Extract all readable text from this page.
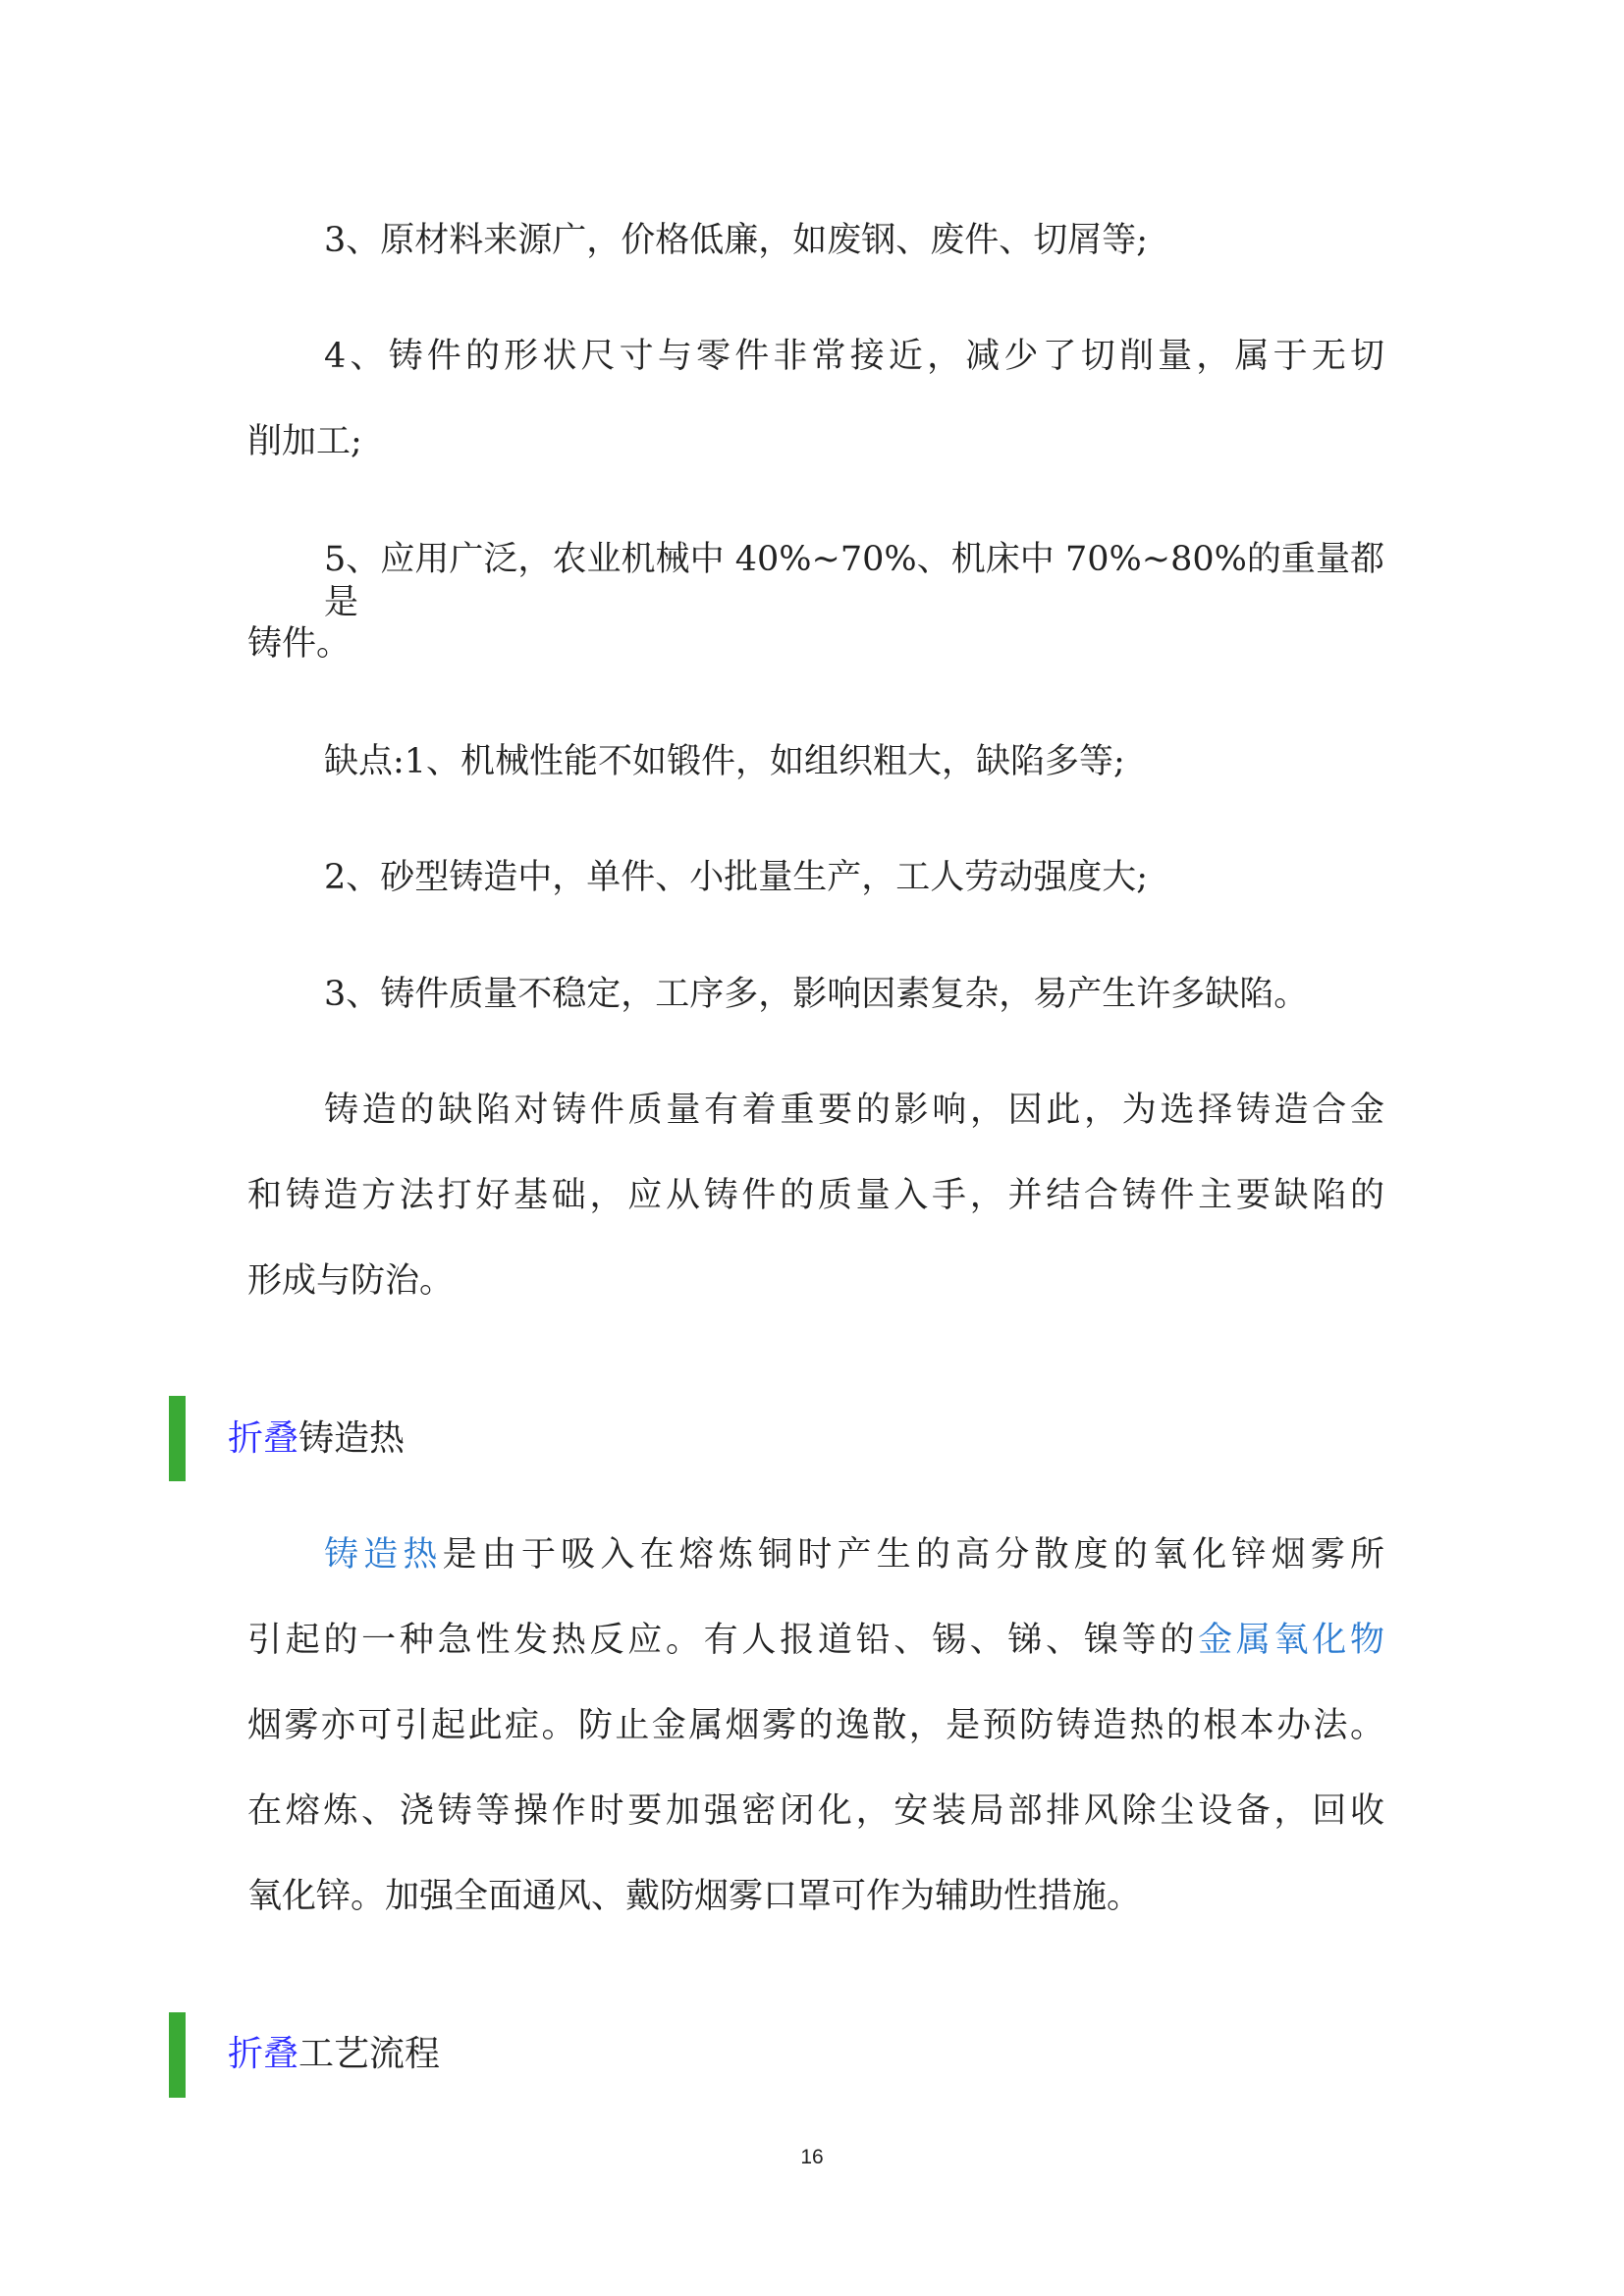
3、原材料来源广，价格低廉，如废钢、废件、切屑等;
4、铸件的形状尺寸与零件非常接近，减少了切削量，属于无切
削加工;
5、应用广泛，农业机械中 40%~70%、机床中 70%~80%的重量都是
铸件。
缺点:1、机械性能不如锻件，如组织粗大，缺陷多等;
2、砂型铸造中，单件、小批量生产，工人劳动强度大;
3、铸件质量不稳定，工序多，影响因素复杂，易产生许多缺陷。
铸造的缺陷对铸件质量有着重要的影响，因此，为选择铸造合金
和铸造方法打好基础，应从铸件的质量入手，并结合铸件主要缺陷的
形成与防治。
折叠铸造热
铸造热是由于吸入在熔炼铜时产生的高分散度的氧化锌烟雾所
引起的一种急性发热反应。有人报道铅、锡、锑、镍等的金属氧化物
烟雾亦可引起此症。防止金属烟雾的逸散，是预防铸造热的根本办法。
在熔炼、浇铸等操作时要加强密闭化，安装局部排风除尘设备，回收
氧化锌。加强全面通风、戴防烟雾口罩可作为辅助性措施。
折叠工艺流程
16
